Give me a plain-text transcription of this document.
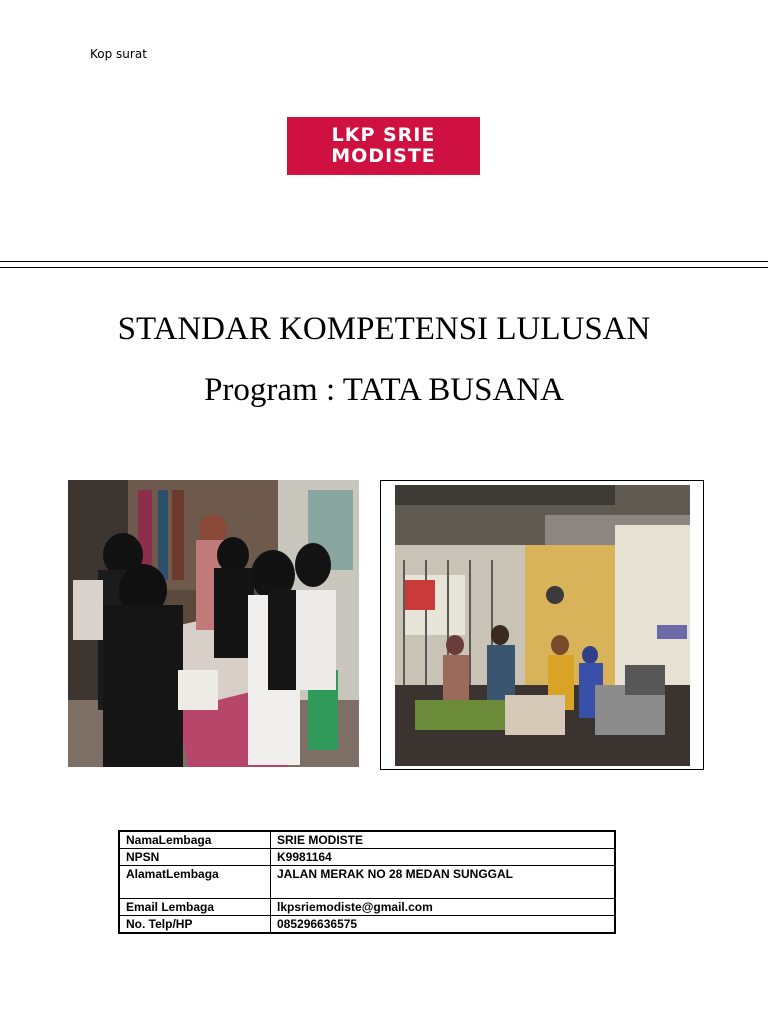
Kop surat
LKP SRIE
MODISTE
STANDAR KOMPETENSI LULUSAN
Program : TATA BUSANA
NamaLembaga	SRIE MODISTE
NPSN	K9981164
AlamatLembaga	JALAN MERAK NO 28 MEDAN SUNGGAL
Email Lembaga	lkpsriemodiste@gmail.com
No. Telp/HP	085296636575
